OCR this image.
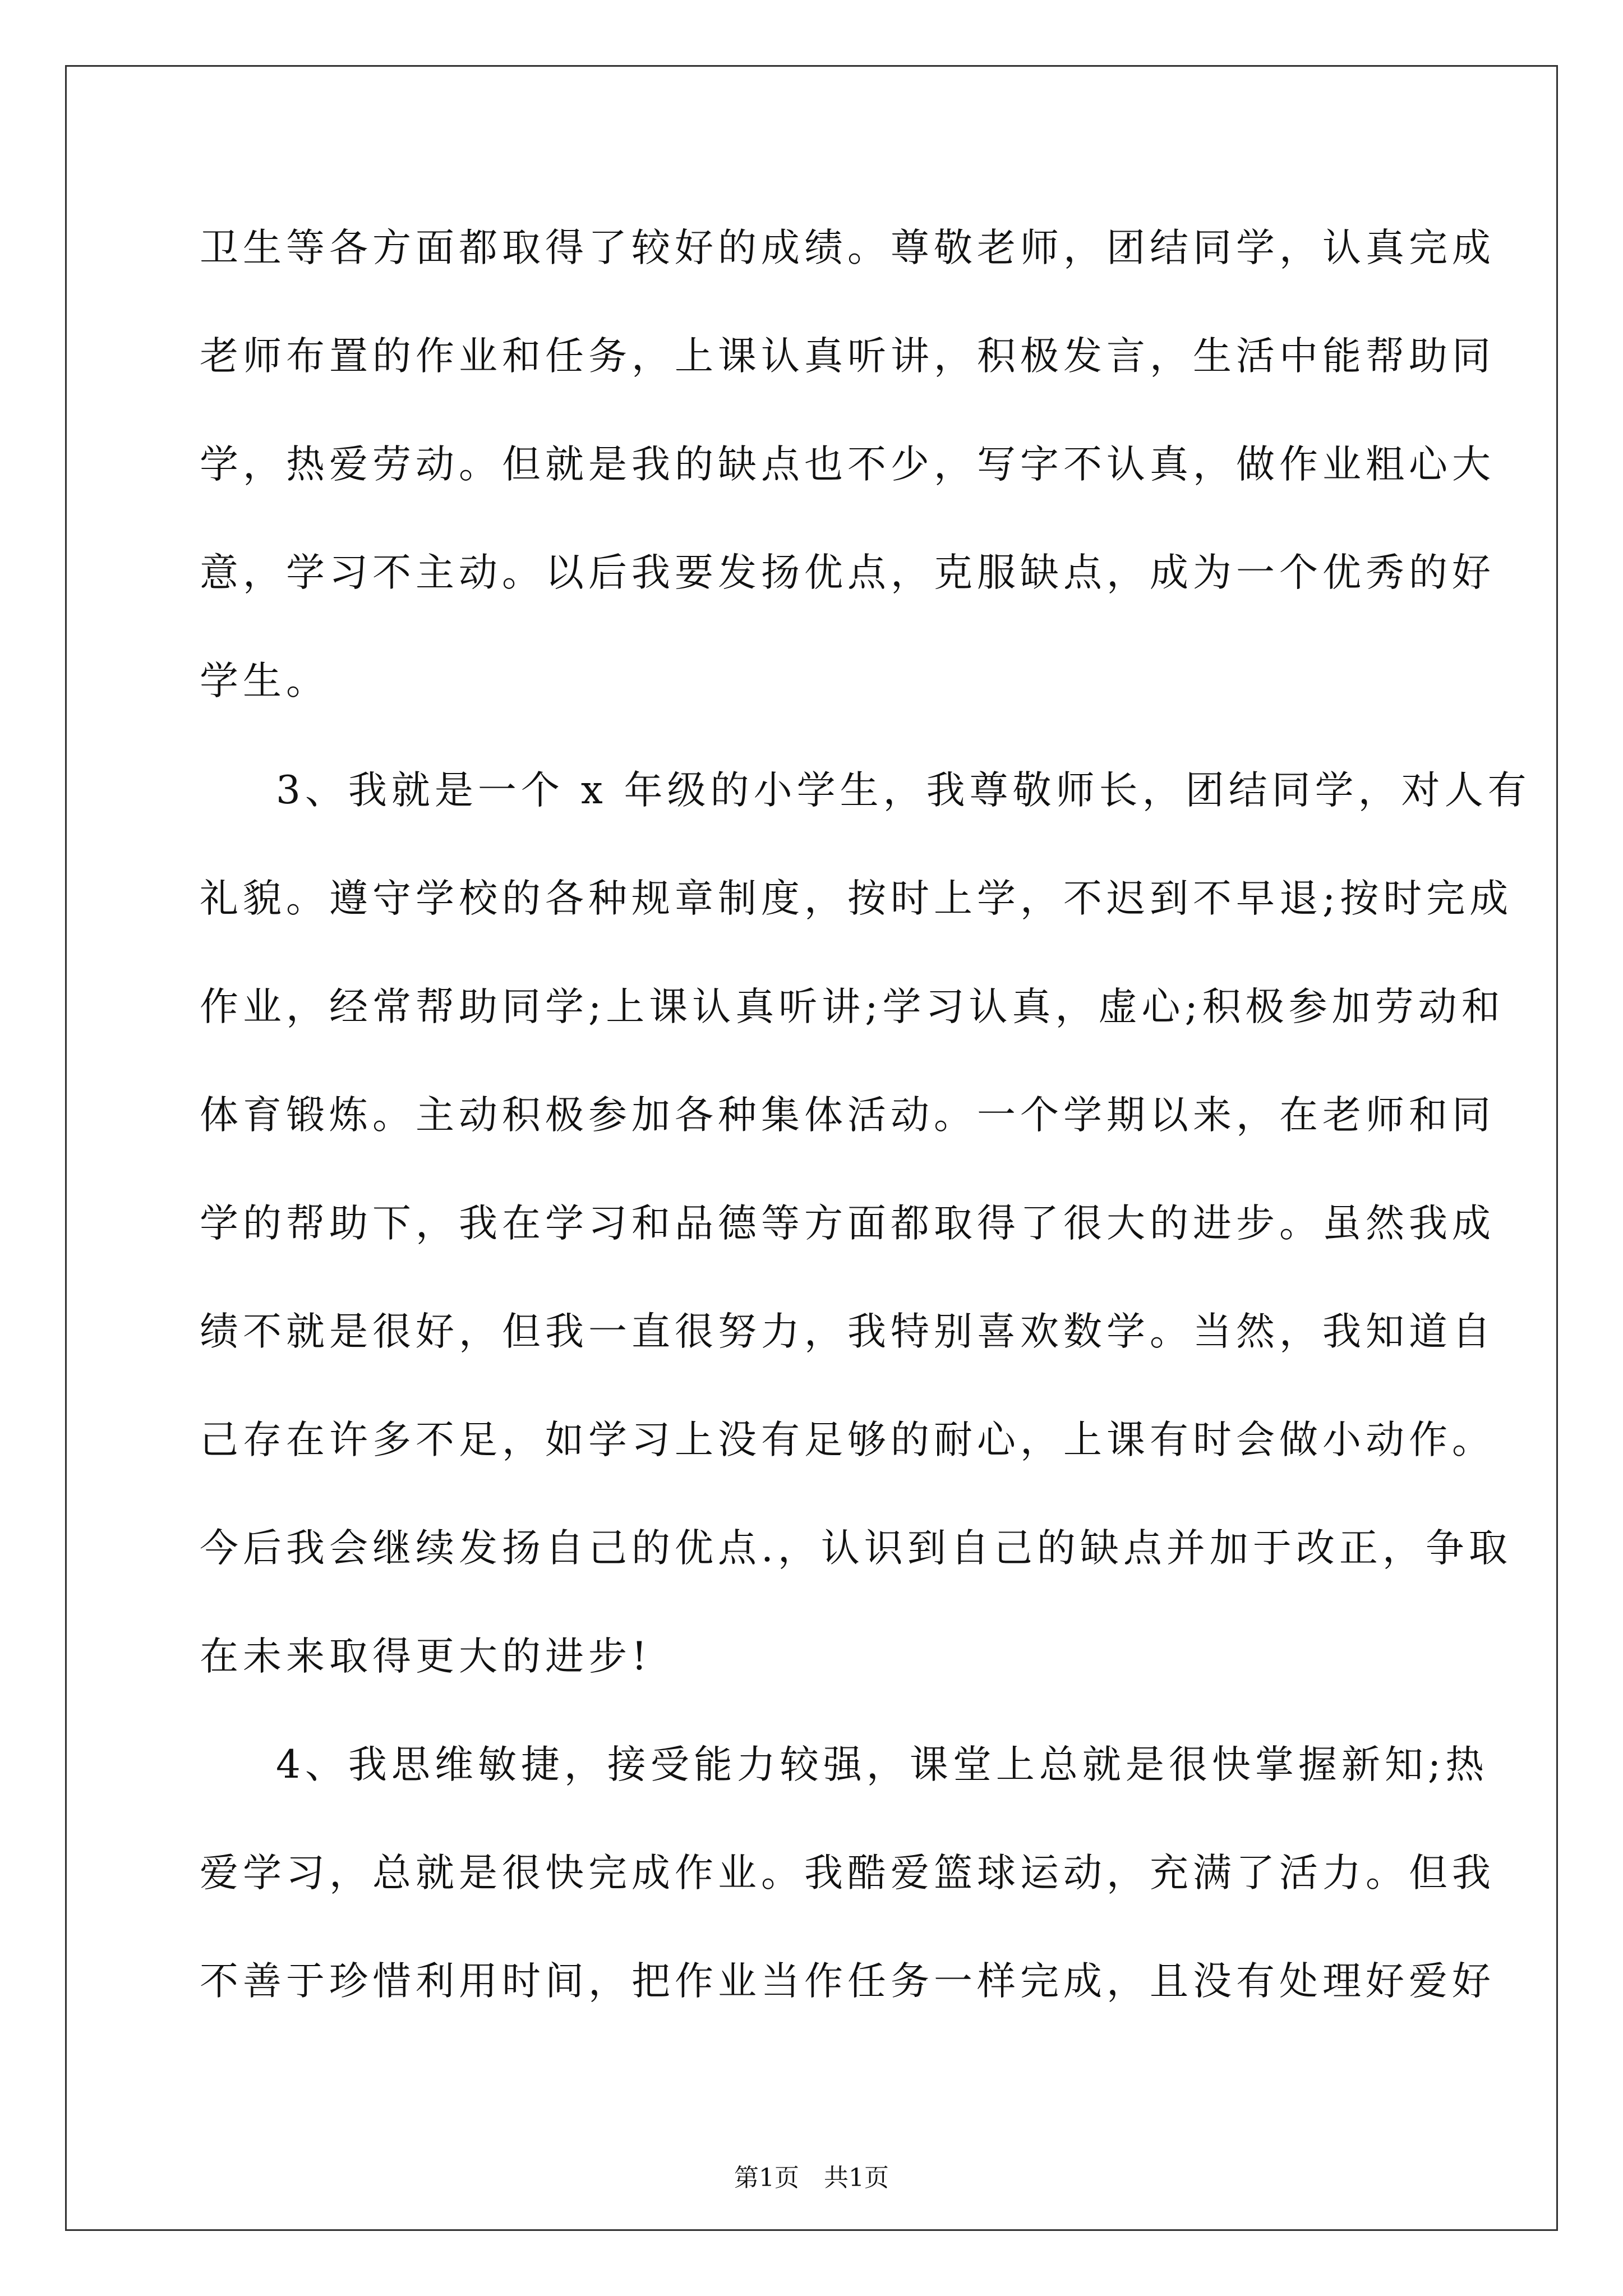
卫生等各方面都取得了较好的成绩。尊敬老师，团结同学，认真完成
老师布置的作业和任务，上课认真听讲，积极发言，生活中能帮助同
学，热爱劳动。但就是我的缺点也不少，写字不认真，做作业粗心大
意，学习不主动。以后我要发扬优点，克服缺点，成为一个优秀的好
学生。
3、我就是一个 x 年级的小学生，我尊敬师长，团结同学，对人有
礼貌。遵守学校的各种规章制度，按时上学，不迟到不早退;按时完成
作业，经常帮助同学;上课认真听讲;学习认真，虚心;积极参加劳动和
体育锻炼。主动积极参加各种集体活动。一个学期以来，在老师和同
学的帮助下，我在学习和品德等方面都取得了很大的进步。虽然我成
绩不就是很好，但我一直很努力，我特别喜欢数学。当然，我知道自
己存在许多不足，如学习上没有足够的耐心，上课有时会做小动作。
今后我会继续发扬自己的优点.，认识到自己的缺点并加于改正，争取
在未来取得更大的进步!
4、我思维敏捷，接受能力较强，课堂上总就是很快掌握新知;热
爱学习，总就是很快完成作业。我酷爱篮球运动，充满了活力。但我
不善于珍惜利用时间，把作业当作任务一样完成，且没有处理好爱好
第1页　共1页
